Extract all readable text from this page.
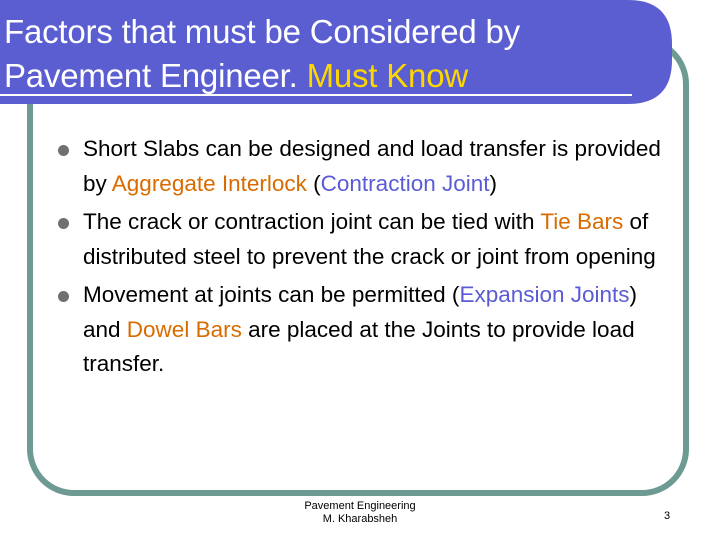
Factors that must be Considered by
Pavement Engineer. Must Know
Short Slabs can be designed and load transfer is provided by Aggregate Interlock (Contraction Joint)
The crack or contraction joint can be tied with Tie Bars of distributed steel to prevent the crack or joint from opening
Movement at joints can be permitted (Expansion Joints) and Dowel Bars are placed at the Joints to provide load transfer.
Pavement Engineering
M. Kharabsheh	3
